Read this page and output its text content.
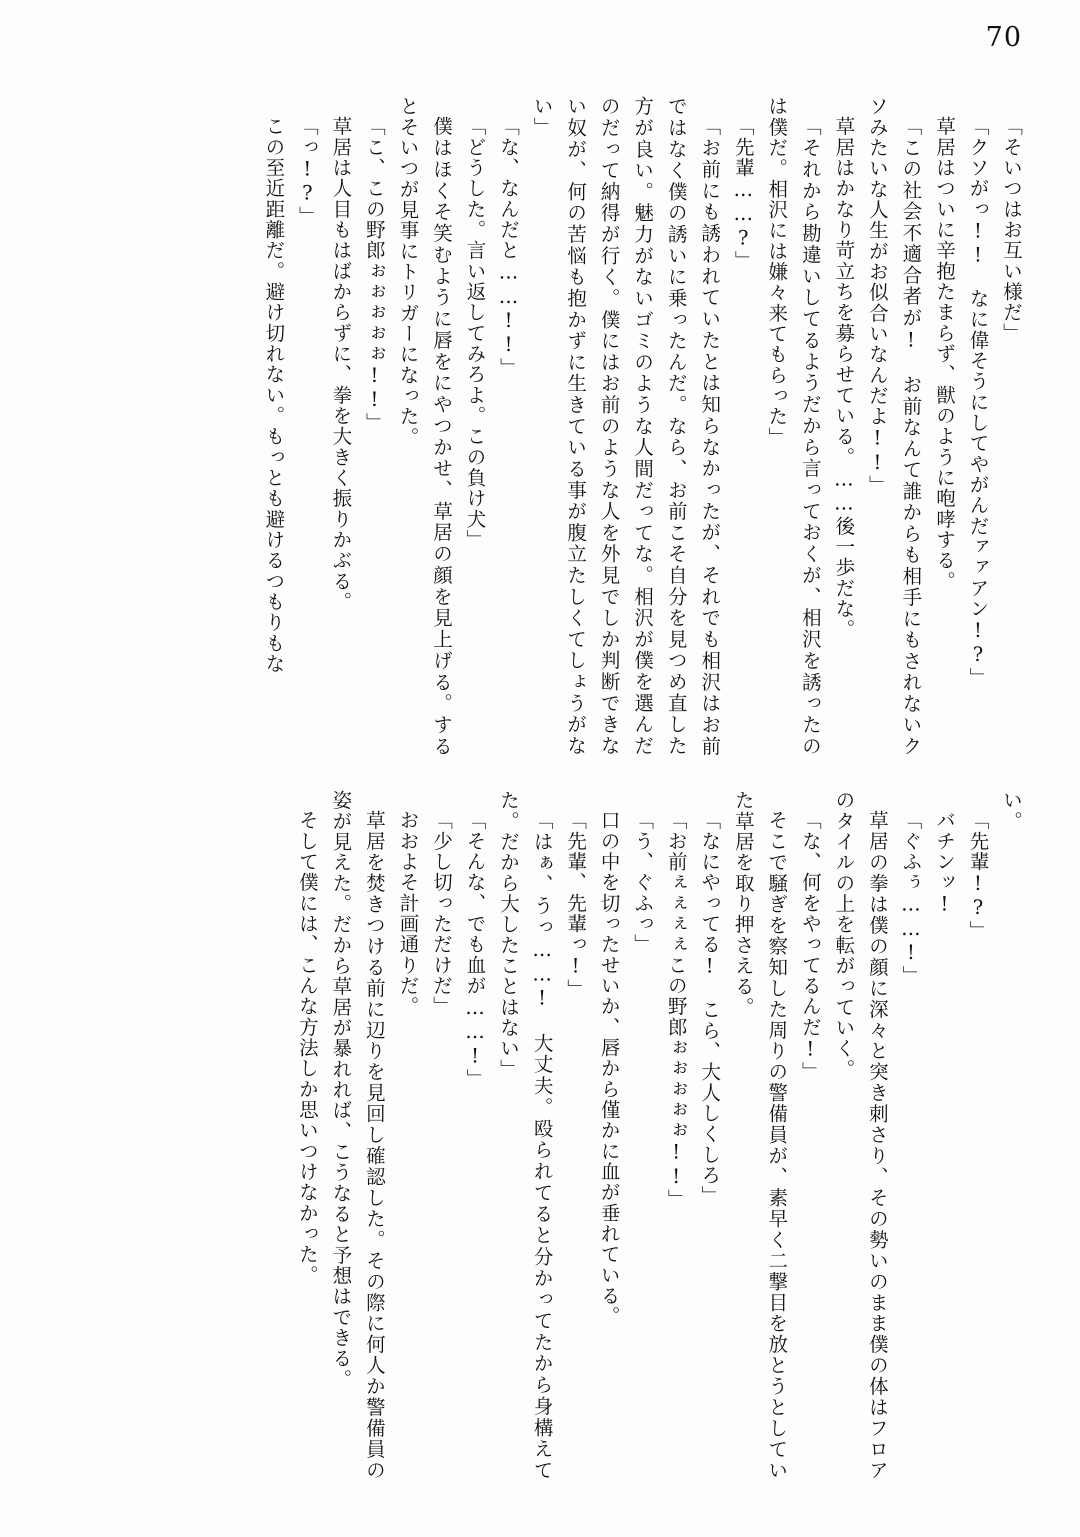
70

「そいつはお互い様だ」

「クソがっ!!　なに偉そうにしてやがんだァァアン!?」

草居はついに辛抱たまらず、獣のように咆哮する。

「この社会不適合者が!　お前なんて誰からも相手にもされないクソみたいな人生がお似合いなんだよ!!」

草居はかなり苛立ちを募らせている。……後一歩だな。

「それから勘違いしてるようだから言っておくが、相沢を誘ったのは僕だ。相沢には嫌々来てもらった」

「先輩……?」

「お前にも誘われていたとは知らなかったが、それでも相沢はお前ではなく僕の誘いに乗ったんだ。なら、お前こそ自分を見つめ直した方が良い。魅力がないゴミのような人間だってな。相沢が僕を選んだのだって納得が行く。僕にはお前のような人を外見でしか判断できない奴が、何の苦悩も抱かずに生きている事が腹立たしくてしょうがない」

「な、なんだと……!!」

「どうした。言い返してみろよ。この負け犬」

僕はほくそ笑むように唇をにやつかせ、草居の顔を見上げる。するとそいつが見事にトリガーになった。

「こ、この野郎ぉぉぉぉぉ!!」

草居は人目もはばからずに、拳を大きく振りかぶる。

「っ!?」

この至近距離だ。避け切れない。もっとも避けるつもりもな

い。

「先輩!?」

バチンッ!

「ぐふぅ……!」

草居の拳は僕の顔に深々と突き刺さり、その勢いのまま僕の体はフロアのタイルの上を転がっていく。

「な、何をやってるんだ!」

そこで騒ぎを察知した周りの警備員が、素早く二撃目を放とうとしていた草居を取り押さえる。

「なにやってる!　こら、大人しくしろ」

「お前ぇぇぇぇこの野郎ぉぉぉぉぉ!!」

「う、ぐふっ」

口の中を切ったせいか、唇から僅かに血が垂れている。

「先輩、先輩っ!」

「はぁ、うっ……!　大丈夫。殴られてると分かってたから身構えてた。だから大したことはない」

「そんな、でも血が……!」

「少し切っただけだ」

おおよそ計画通りだ。

草居を焚きつける前に辺りを見回し確認した。その際に何人か警備員の姿が見えた。だから草居が暴れれば、こうなると予想はできる。

そして僕には、こんな方法しか思いつけなかった。
